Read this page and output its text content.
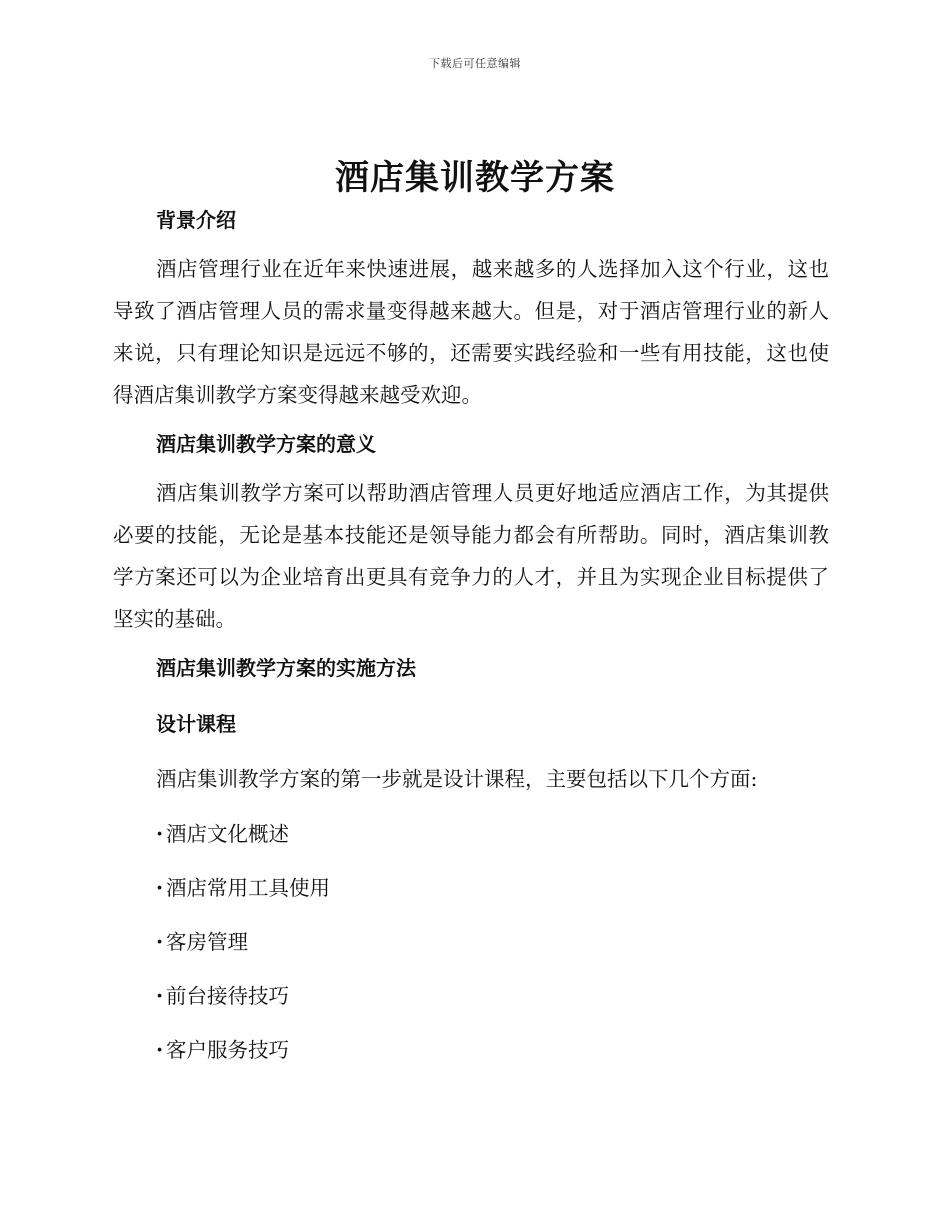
下载后可任意编辑
酒店集训教学方案

背景介绍

酒店管理行业在近年来快速进展，越来越多的人选择加入这个行业，这也导致了酒店管理人员的需求量变得越来越大。但是，对于酒店管理行业的新人来说，只有理论知识是远远不够的，还需要实践经验和一些有用技能，这也使得酒店集训教学方案变得越来越受欢迎。

酒店集训教学方案的意义

酒店集训教学方案可以帮助酒店管理人员更好地适应酒店工作，为其提供必要的技能，无论是基本技能还是领导能力都会有所帮助。同时，酒店集训教学方案还可以为企业培育出更具有竞争力的人才，并且为实现企业目标提供了坚实的基础。

酒店集训教学方案的实施方法

设计课程

酒店集训教学方案的第一步就是设计课程，主要包括以下几个方面:

· 酒店文化概述
· 酒店常用工具使用
· 客房管理
· 前台接待技巧
· 客户服务技巧
